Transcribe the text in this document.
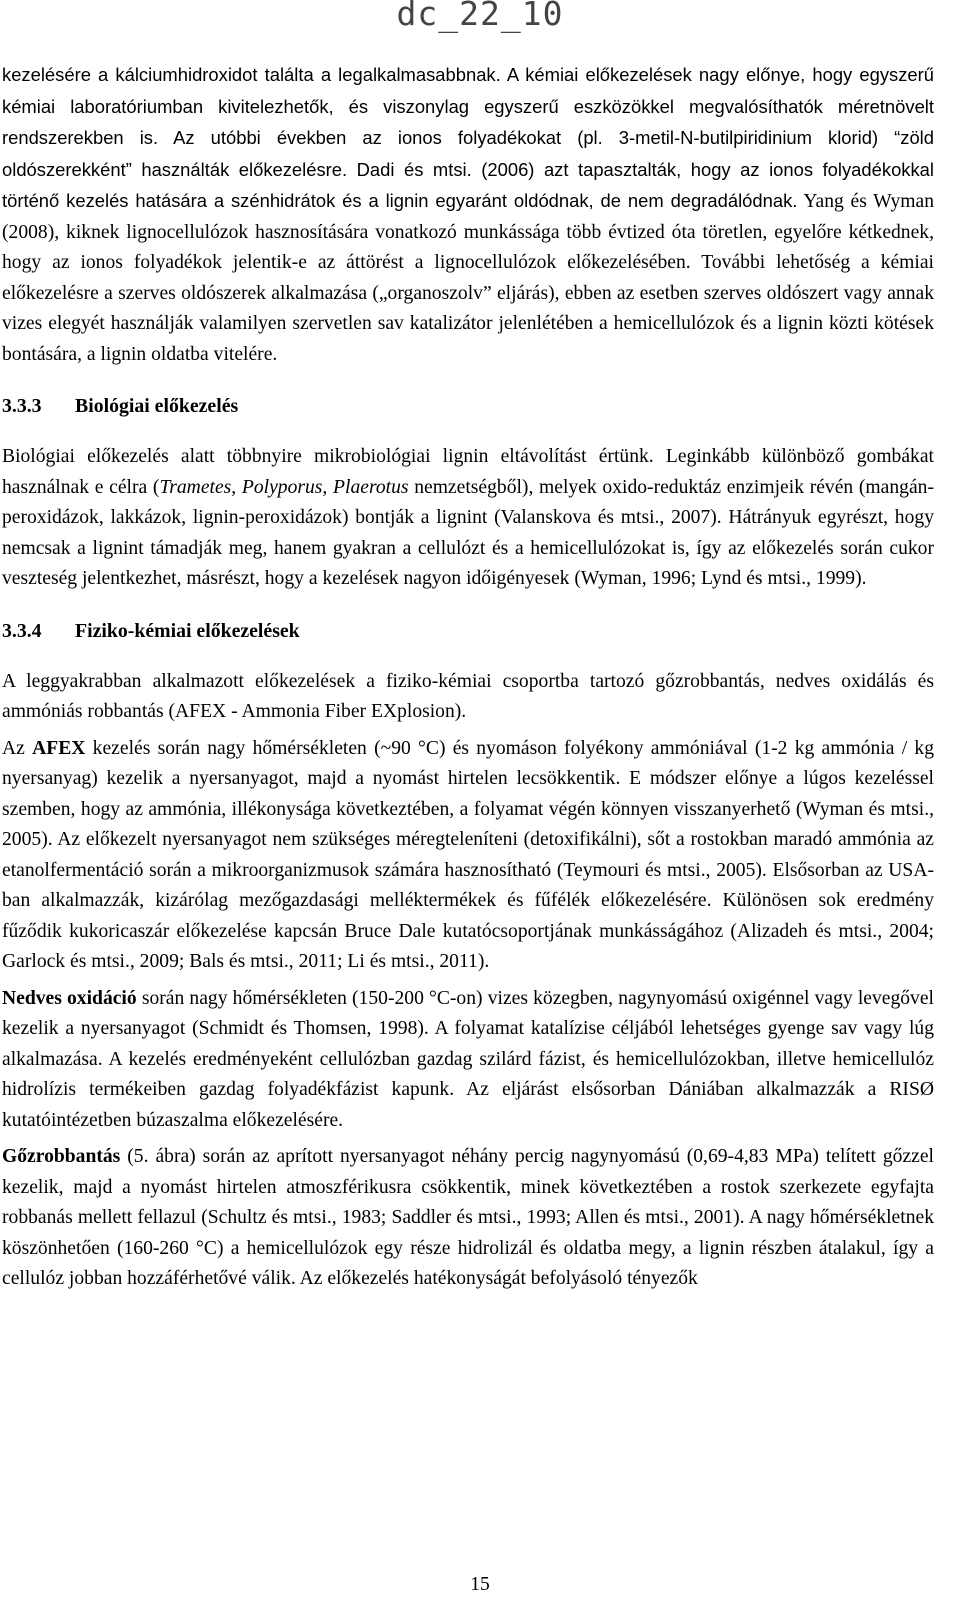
dc_22_10

kezelésére a kálciumhidroxidot találta a legalkalmasabbnak. A kémiai előkezelések nagy előnye, hogy egyszerű kémiai laboratóriumban kivitelezhetők, és viszonylag egyszerű eszközökkel megvalósíthatók méretnövelt rendszerekben is. Az utóbbi években az ionos folyadékokat (pl. 3-metil-N-butilpiridinium klorid) “zöld oldószerekként” használták előkezelésre. Dadi és mtsi. (2006) azt tapasztalták, hogy az ionos folyadékokkal történő kezelés hatására a szénhidrátok és a lignin egyaránt oldódnak, de nem degradálódnak. Yang és Wyman (2008), kiknek lignocellulózok hasznosítására vonatkozó munkássága több évtized óta töretlen, egyelőre kétkednek, hogy az ionos folyadékok jelentik-e az áttörést a lignocellulózok előkezelésében. További lehetőség a kémiai előkezelésre a szerves oldószerek alkalmazása („organoszolv” eljárás), ebben az esetben szerves oldószert vagy annak vizes elegyét használják valamilyen szervetlen sav katalizátor jelenlétében a hemicellulózok és a lignin közti kötések bontására, a lignin oldatba vitelére.

3.3.3 Biológiai előkezelés

Biológiai előkezelés alatt többnyire mikrobiológiai lignin eltávolítást értünk. Leginkább különböző gombákat használnak e célra (Trametes, Polyporus, Plaerotus nemzetségből), melyek oxido-reduktáz enzimjeik révén (mangán-peroxidázok, lakkázok, lignin-peroxidázok) bontják a lignint (Valanskova és mtsi., 2007). Hátrányuk egyrészt, hogy nemcsak a lignint támadják meg, hanem gyakran a cellulózt és a hemicellulózokat is, így az előkezelés során cukor veszteség jelentkezhet, másrészt, hogy a kezelések nagyon időigényesek (Wyman, 1996; Lynd és mtsi., 1999).

3.3.4 Fiziko-kémiai előkezelések

A leggyakrabban alkalmazott előkezelések a fiziko-kémiai csoportba tartozó gőzrobbantás, nedves oxidálás és ammóniás robbantás (AFEX - Ammonia Fiber EXplosion).

Az AFEX kezelés során nagy hőmérsékleten (~90 °C) és nyomáson folyékony ammóniával (1-2 kg ammónia / kg nyersanyag) kezelik a nyersanyagot, majd a nyomást hirtelen lecsökkentik. E módszer előnye a lúgos kezeléssel szemben, hogy az ammónia, illékonysága következtében, a folyamat végén könnyen visszanyerhető (Wyman és mtsi., 2005). Az előkezelt nyersanyagot nem szükséges méregteleníteni (detoxifikálni), sőt a rostokban maradó ammónia az etanolfermentáció során a mikroorganizmusok számára hasznosítható (Teymouri és mtsi., 2005). Elsősorban az USA-ban alkalmazzák, kizárólag mezőgazdasági melléktermékek és fűfélék előkezelésére. Különösen sok eredmény fűződik kukoricaszár előkezelése kapcsán Bruce Dale kutatócsoportjának munkásságához (Alizadeh és mtsi., 2004; Garlock és mtsi., 2009; Bals és mtsi., 2011; Li és mtsi., 2011).

Nedves oxidáció során nagy hőmérsékleten (150-200 °C-on) vizes közegben, nagynyomású oxigénnel vagy levegővel kezelik a nyersanyagot (Schmidt és Thomsen, 1998). A folyamat katalízise céljából lehetséges gyenge sav vagy lúg alkalmazása. A kezelés eredményeként cellulózban gazdag szilárd fázist, és hemicellulózokban, illetve hemicellulóz hidrolízis termékeiben gazdag folyadékfázist kapunk. Az eljárást elsősorban Dániában alkalmazzák a RISØ kutatóintézetben búzaszalma előkezelésére.

Gőzrobbantás (5. ábra) során az aprított nyersanyagot néhány percig nagynyomású (0,69-4,83 MPa) telített gőzzel kezelik, majd a nyomást hirtelen atmoszférikusra csökkentik, minek következtében a rostok szerkezete egyfajta robbanás mellett fellazul (Schultz és mtsi., 1983; Saddler és mtsi., 1993; Allen és mtsi., 2001). A nagy hőmérsékletnek köszönhetően (160-260 °C) a hemicellulózok egy része hidrolizál és oldatba megy, a lignin részben átalakul, így a cellulóz jobban hozzáférhetővé válik. Az előkezelés hatékonyságát befolyásoló tényezők

15
